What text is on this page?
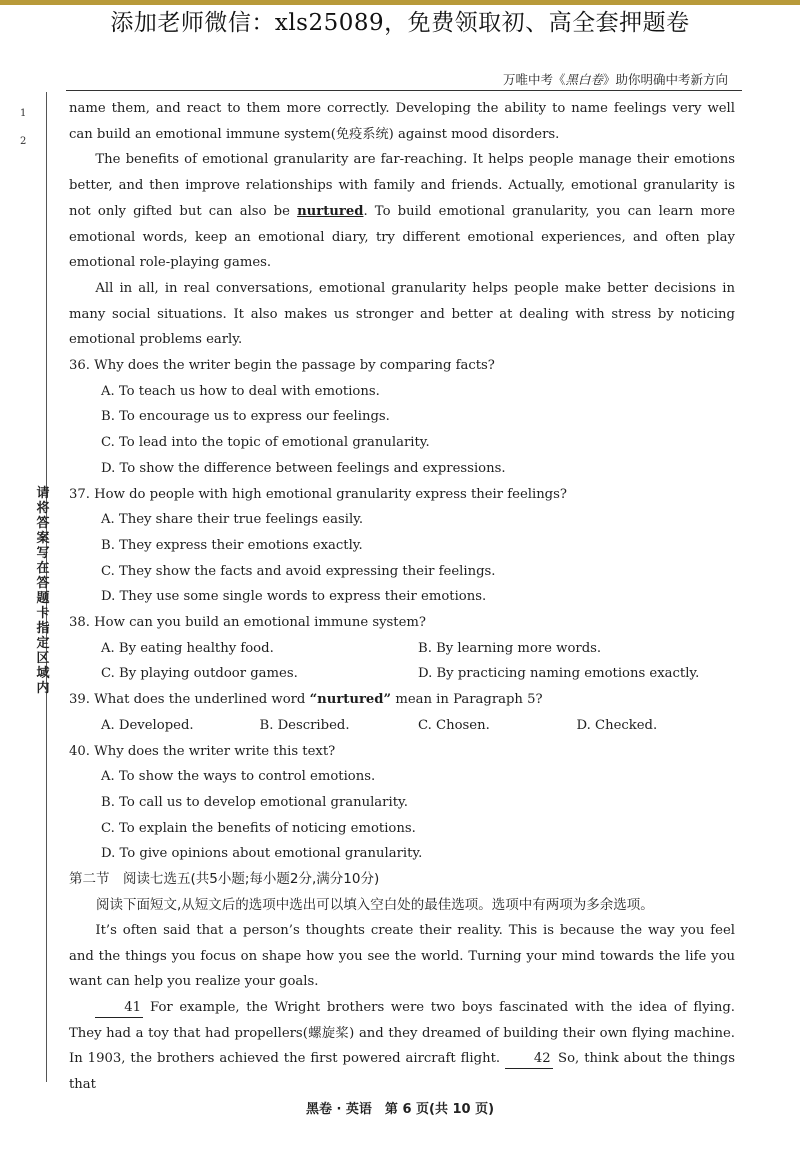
添加老师微信：xls25089，免费领取初、高全套押题卷
万唯中考《黑白卷》助你明确中考新方向
1
2
请
将
答
案
写
在
答
题
卡
指
定
区
域
内

name them, and react to them more correctly. Developing the ability to name feelings very well can build an emotional immune system(免疫系统) against mood disorders.

The benefits of emotional granularity are far-reaching. It helps people manage their emotions better, and then improve relationships with family and friends. Actually, emotional granularity is not only gifted but can also be nurtured. To build emotional granularity, you can learn more emotional words, keep an emotional diary, try different emotional experiences, and often play emotional role-playing games.

All in all, in real conversations, emotional granularity helps people make better decisions in many social situations. It also makes us stronger and better at dealing with stress by noticing emotional problems early.

36. Why does the writer begin the passage by comparing facts?

A. To teach us how to deal with emotions.

B. To encourage us to express our feelings.

C. To lead into the topic of emotional granularity.

D. To show the difference between feelings and expressions.

37. How do people with high emotional granularity express their feelings?

A. They share their true feelings easily.

B. They express their emotions exactly.

C. They show the facts and avoid expressing their feelings.

D. They use some single words to express their emotions.

38. How can you build an emotional immune system?

A. By eating healthy food.	B. By learning more words.
C. By playing outdoor games.	D. By practicing naming emotions exactly.

39. What does the underlined word “nurtured” mean in Paragraph 5?

A. Developed.	B. Described.	C. Chosen.	D. Checked.

40. Why does the writer write this text?

A. To show the ways to control emotions.

B. To call us to develop emotional granularity.

C. To explain the benefits of noticing emotions.

D. To give opinions about emotional granularity.

第二节　阅读七选五(共5小题;每小题2分,满分10分)

阅读下面短文,从短文后的选项中选出可以填入空白处的最佳选项。选项中有两项为多余选项。

It’s often said that a person’s thoughts create their reality. This is because the way you feel and the things you focus on shape how you see the world. Turning your mind towards the life you want can help you realize your goals.

41 For example, the Wright brothers were two boys fascinated with the idea of flying. They had a toy that had propellers(螺旋桨) and they dreamed of building their own flying machine. In 1903, the brothers achieved the first powered aircraft flight. 42 So, think about the things that

黑卷 · 英语　第 6 页(共 10 页)
